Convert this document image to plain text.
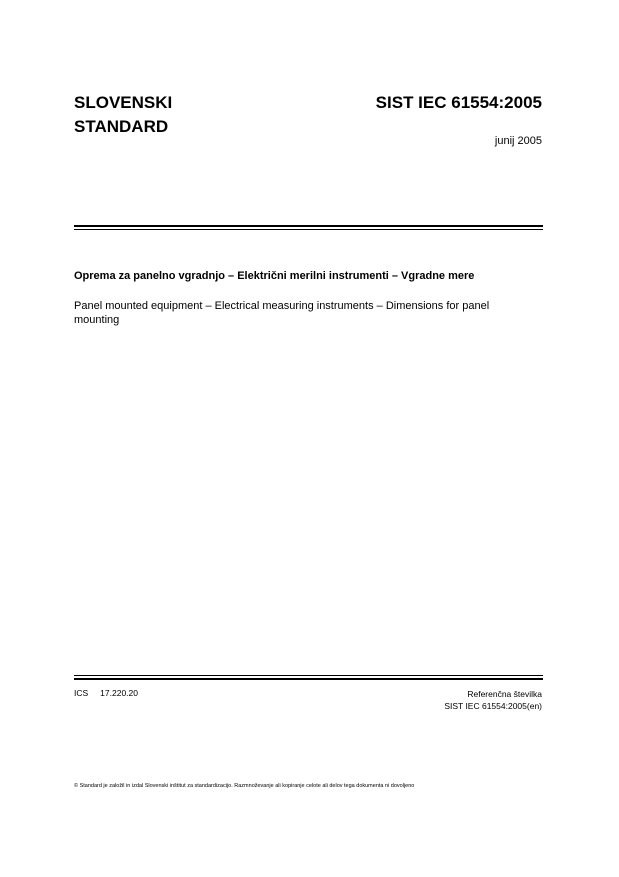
SLOVENSKI
STANDARD
SIST IEC 61554:2005
junij 2005
Oprema za panelno vgradnjo – Električni merilni instrumenti – Vgradne mere
Panel mounted equipment – Electrical measuring instruments – Dimensions for panel mounting
ICS 17.220.20	Referenčna številka
SIST IEC 61554:2005(en)
© Standard je založil in izdal Slovenski inštitut za standardizacijo. Razmnoževanje ali kopiranje celote ali delov tega dokumenta ni dovoljeno
